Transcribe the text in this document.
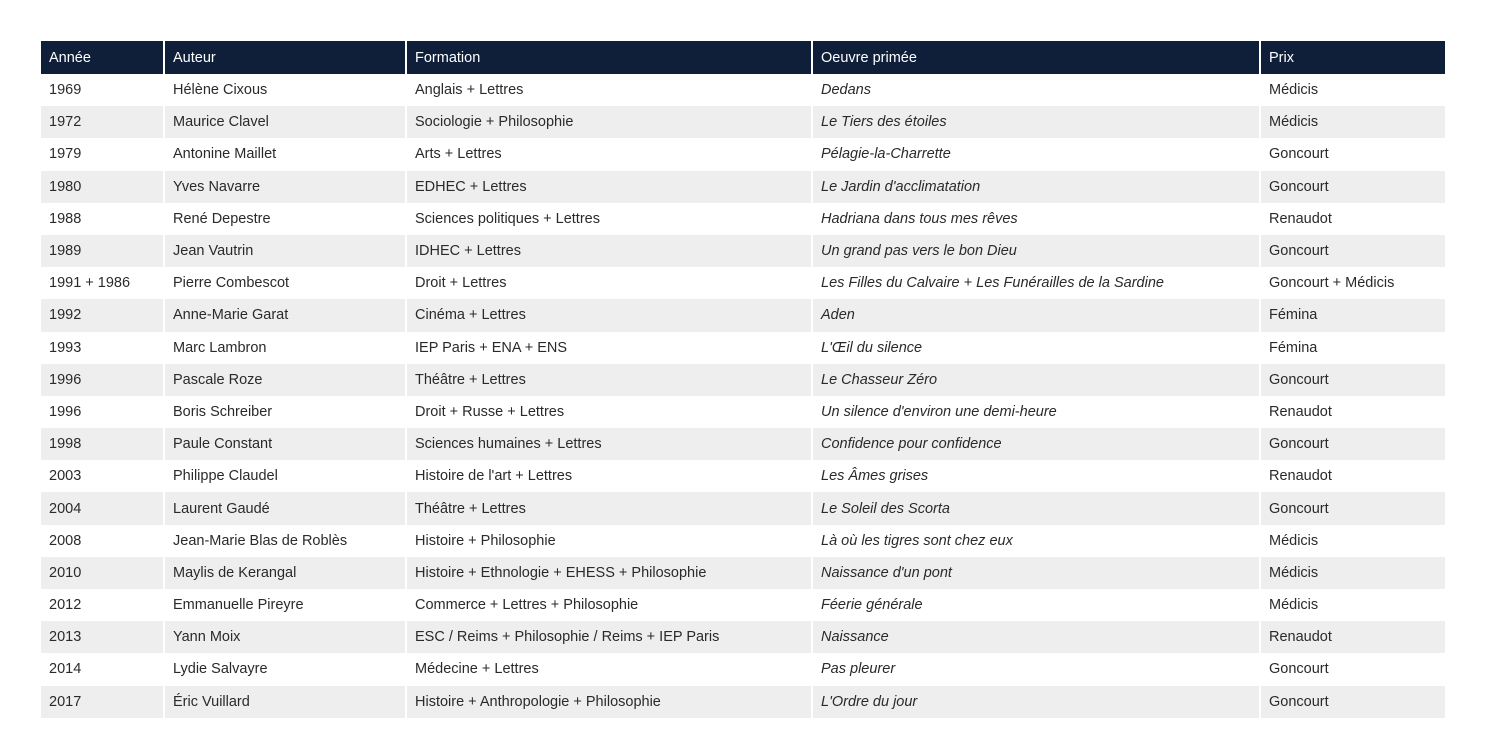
Année	Auteur	Formation	Oeuvre primée	Prix
1969	Hélène Cixous	Anglais + Lettres	Dedans	Médicis
1972	Maurice Clavel	Sociologie + Philosophie	Le Tiers des étoiles	Médicis
1979	Antonine Maillet	Arts + Lettres	Pélagie-la-Charrette	Goncourt
1980	Yves Navarre	EDHEC + Lettres	Le Jardin d'acclimatation	Goncourt
1988	René Depestre	Sciences politiques + Lettres	Hadriana dans tous mes rêves	Renaudot
1989	Jean Vautrin	IDHEC + Lettres	Un grand pas vers le bon Dieu	Goncourt
1991 + 1986	Pierre Combescot	Droit + Lettres	Les Filles du Calvaire + Les Funérailles de la Sardine	Goncourt + Médicis
1992	Anne-Marie Garat	Cinéma + Lettres	Aden	Fémina
1993	Marc Lambron	IEP Paris + ENA + ENS	L'Œil du silence	Fémina
1996	Pascale Roze	Théâtre + Lettres	Le Chasseur Zéro	Goncourt
1996	Boris Schreiber	Droit + Russe + Lettres	Un silence d'environ une demi-heure	Renaudot
1998	Paule Constant	Sciences humaines + Lettres	Confidence pour confidence	Goncourt
2003	Philippe Claudel	Histoire de l'art + Lettres	Les Âmes grises	Renaudot
2004	Laurent Gaudé	Théâtre + Lettres	Le Soleil des Scorta	Goncourt
2008	Jean-Marie Blas de Roblès	Histoire + Philosophie	Là où les tigres sont chez eux	Médicis
2010	Maylis de Kerangal	Histoire + Ethnologie + EHESS + Philosophie	Naissance d'un pont	Médicis
2012	Emmanuelle Pireyre	Commerce + Lettres + Philosophie	Féerie générale	Médicis
2013	Yann Moix	ESC / Reims + Philosophie / Reims + IEP Paris	Naissance	Renaudot
2014	Lydie Salvayre	Médecine + Lettres	Pas pleurer	Goncourt
2017	Éric Vuillard	Histoire + Anthropologie + Philosophie	L'Ordre du jour	Goncourt
